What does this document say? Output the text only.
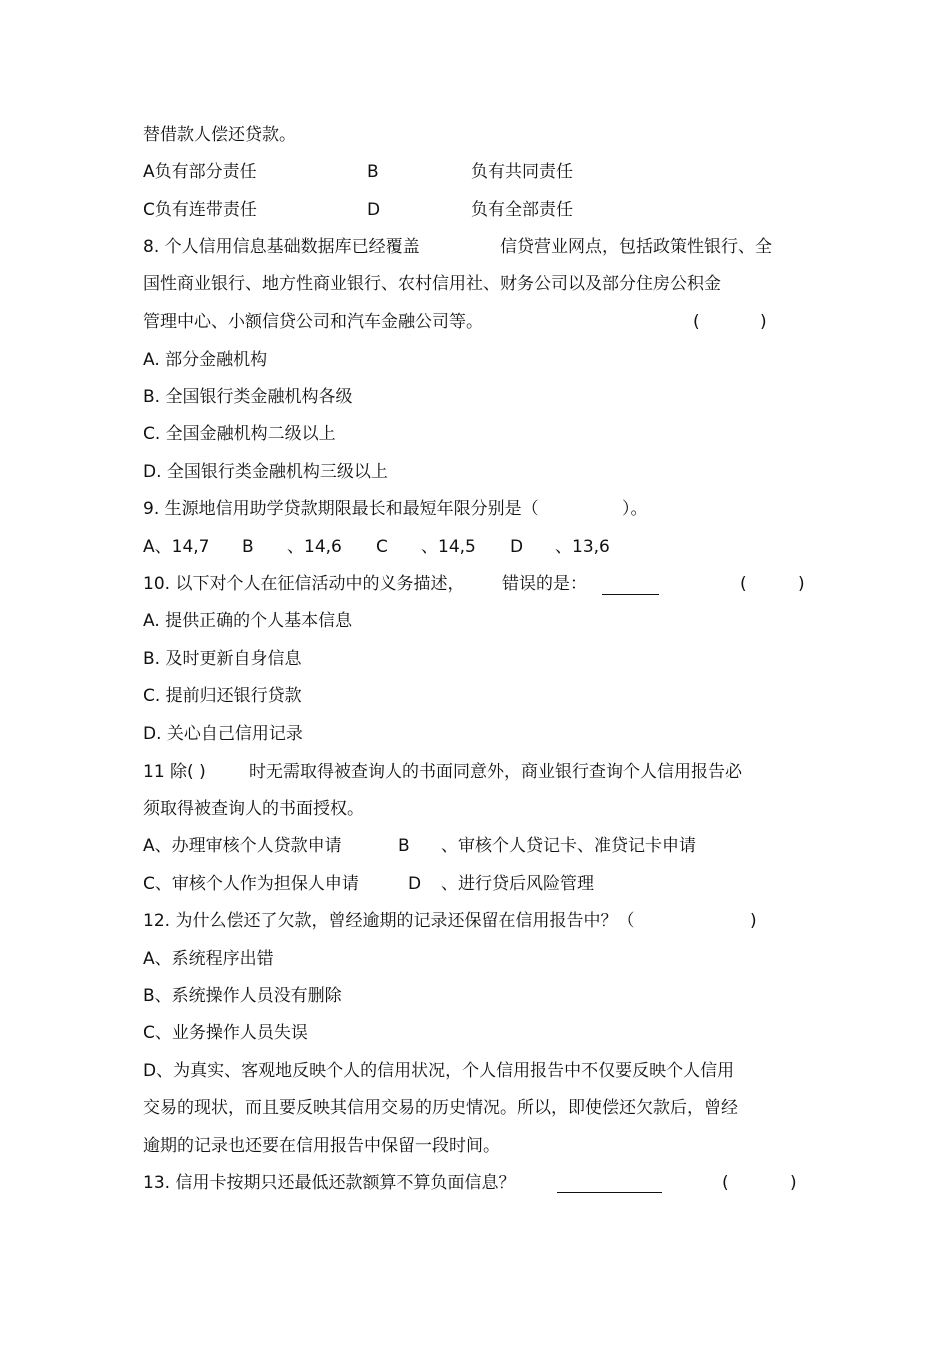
替借款人偿还贷款。
A负有部分责任	B	负有共同责任
C负有连带责任	D	负有全部责任
8. 个人信用信息基础数据库已经覆盖	信贷营业网点，包括政策性银行、全
国性商业银行、地方性商业银行、农村信用社、财务公司以及部分住房公积金
管理中心、小额信贷公司和汽车金融公司等。	(	)
A. 部分金融机构
B. 全国银行类金融机构各级
C. 全国金融机构二级以上
D. 全国银行类金融机构三级以上
9. 生源地信用助学贷款期限最长和最短年限分别是（	）。
A、14,7 B 、14,6 C 、14,5 D 、13,6
10. 以下对个人在征信活动中的义务描述， 错误的是：	(	)
A. 提供正确的个人基本信息
B. 及时更新自身信息
C. 提前归还银行贷款
D. 关心自己信用记录
11 除( )	时无需取得被查询人的书面同意外，商业银行查询个人信用报告必
须取得被查询人的书面授权。
A、办理审核个人贷款申请	B 、审核个人贷记卡、准贷记卡申请
C、审核个人作为担保人申请	D 、进行贷后风险管理
12. 为什么偿还了欠款，曾经逾期的记录还保留在信用报告中？（	)
A、系统程序出错
B、系统操作人员没有删除
C、业务操作人员失误
D、为真实、客观地反映个人的信用状况，个人信用报告中不仅要反映个人信用
交易的现状，而且要反映其信用交易的历史情况。所以，即使偿还欠款后，曾经
逾期的记录也还要在信用报告中保留一段时间。
13. 信用卡按期只还最低还款额算不算负面信息？	(	)
